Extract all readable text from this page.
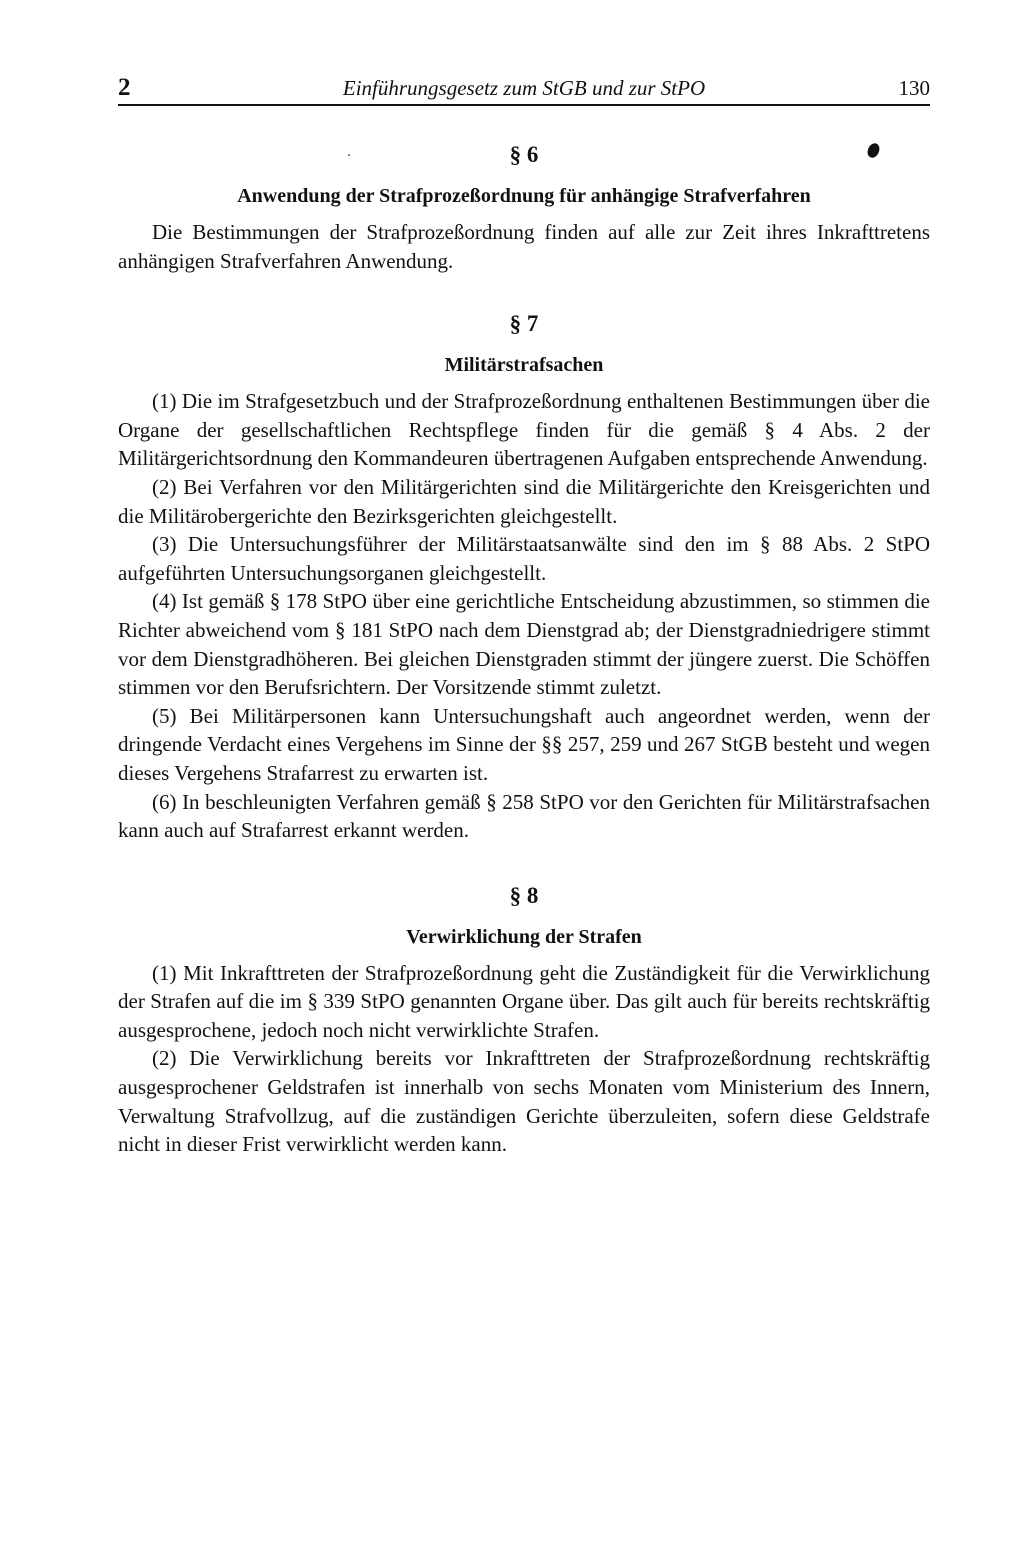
2	Einführungsgesetz zum StGB und zur StPO	130
§ 6
Anwendung der Strafprozeßordnung für anhängige Strafverfahren

Die Bestimmungen der Strafprozeßordnung finden auf alle zur Zeit ihres Inkrafttretens anhängigen Strafverfahren Anwendung.

§ 7
Militärstrafsachen

(1) Die im Strafgesetzbuch und der Strafprozeßordnung enthaltenen Bestimmungen über die Organe der gesellschaftlichen Rechtspflege finden für die gemäß § 4 Abs. 2 der Militärgerichtsordnung den Kommandeuren übertragenen Aufgaben entsprechende Anwendung.

(2) Bei Verfahren vor den Militärgerichten sind die Militärgerichte den Kreisgerichten und die Militärobergerichte den Bezirksgerichten gleichgestellt.

(3) Die Untersuchungsführer der Militärstaatsanwälte sind den im § 88 Abs. 2 StPO aufgeführten Untersuchungsorganen gleichgestellt.

(4) Ist gemäß § 178 StPO über eine gerichtliche Entscheidung abzustimmen, so stimmen die Richter abweichend vom § 181 StPO nach dem Dienstgrad ab; der Dienstgradniedrigere stimmt vor dem Dienstgradhöheren. Bei gleichen Dienstgraden stimmt der jüngere zuerst. Die Schöffen stimmen vor den Berufsrichtern. Der Vorsitzende stimmt zuletzt.

(5) Bei Militärpersonen kann Untersuchungshaft auch angeordnet werden, wenn der dringende Verdacht eines Vergehens im Sinne der §§ 257, 259 und 267 StGB besteht und wegen dieses Vergehens Strafarrest zu erwarten ist.

(6) In beschleunigten Verfahren gemäß § 258 StPO vor den Gerichten für Militärstrafsachen kann auch auf Strafarrest erkannt werden.

§ 8
Verwirklichung der Strafen

(1) Mit Inkrafttreten der Strafprozeßordnung geht die Zuständigkeit für die Verwirklichung der Strafen auf die im § 339 StPO genannten Organe über. Das gilt auch für bereits rechtskräftig ausgesprochene, jedoch noch nicht verwirklichte Strafen.

(2) Die Verwirklichung bereits vor Inkrafttreten der Strafprozeßordnung rechtskräftig ausgesprochener Geldstrafen ist innerhalb von sechs Monaten vom Ministerium des Innern, Verwaltung Strafvollzug, auf die zuständigen Gerichte überzuleiten, sofern diese Geldstrafe nicht in dieser Frist verwirklicht werden kann.
